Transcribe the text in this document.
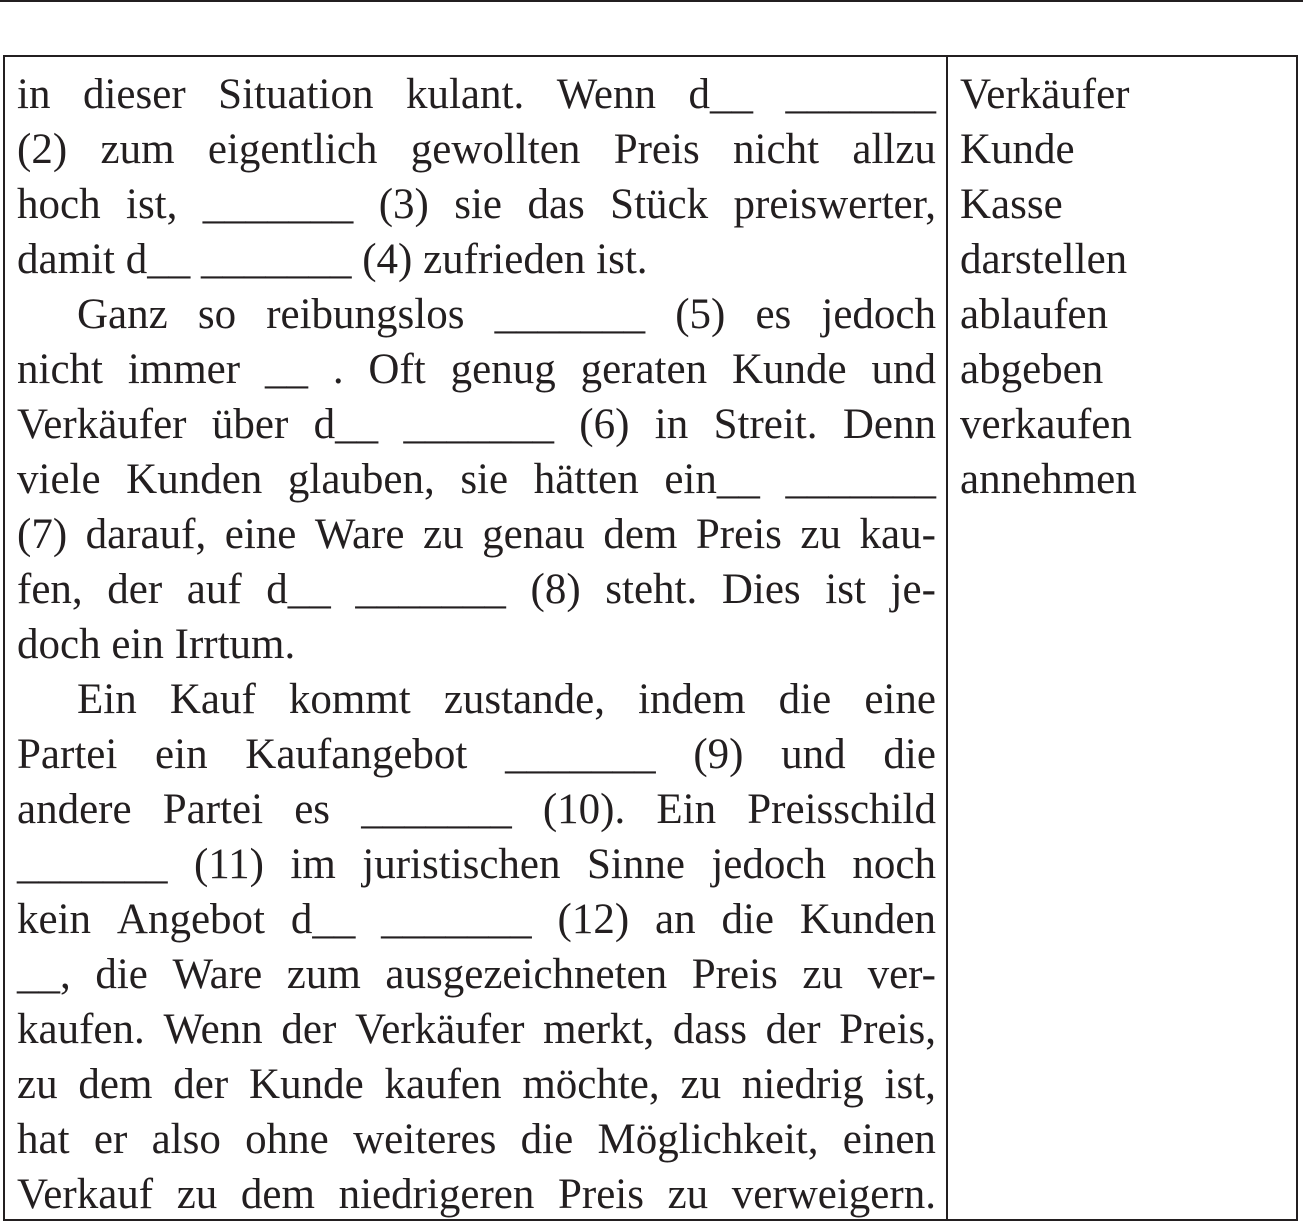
in dieser Situation kulant. Wenn d__ _______
(2) zum eigentlich gewollten Preis nicht allzu
hoch ist, _______ (3) sie das Stück preiswerter,
damit
d__
_______
(4)
zufrieden
ist.
Ganz so reibungslos _______ (5) es jedoch
nicht immer __ . Oft genug geraten Kunde und
Verkäufer über d__ _______ (6) in Streit. Denn
viele Kunden glauben, sie hätten ein__ _______
(7) darauf, eine Ware zu genau dem Preis zu kau-
fen, der auf d__ _______ (8) steht. Dies ist je-
doch
ein
Irrtum.
Ein Kauf kommt zustande, indem die eine
Partei ein Kaufangebot _______ (9) und die
andere Partei es _______ (10). Ein Preisschild
_______ (11) im juristischen Sinne jedoch noch
kein Angebot d__ _______ (12) an die Kunden
__, die Ware zum ausgezeichneten Preis zu ver-
kaufen. Wenn der Verkäufer merkt, dass der Preis,
zu dem der Kunde kaufen möchte, zu niedrig ist,
hat er also ohne weiteres die Möglichkeit, einen
Verkauf zu dem niedrigeren Preis zu verweigern.
Verkäufer
Kunde
Kasse
darstellen
ablaufen
abgeben
verkaufen
annehmen
